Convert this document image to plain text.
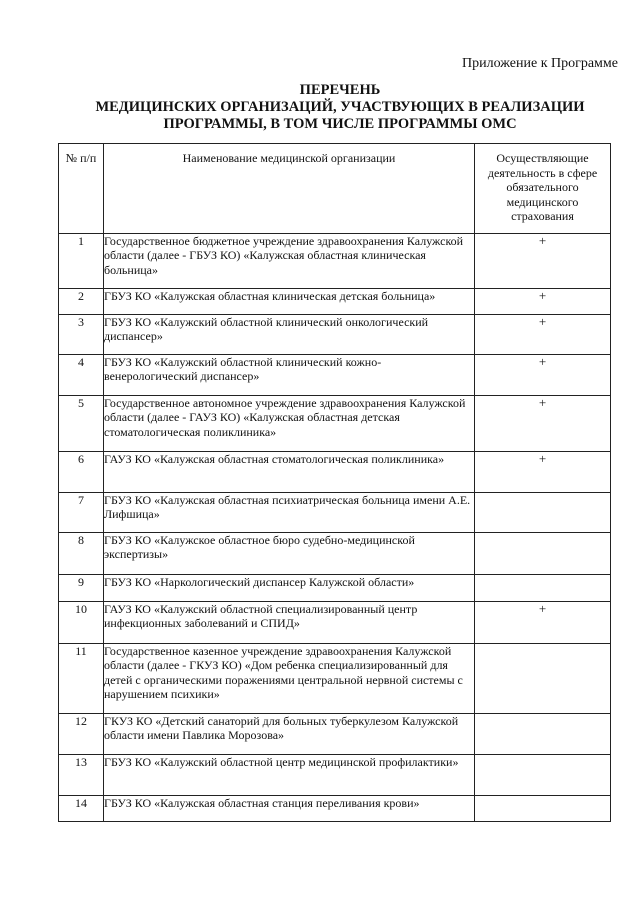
Приложение к Программе

ПЕРЕЧЕНЬ
МЕДИЦИНСКИХ ОРГАНИЗАЦИЙ, УЧАСТВУЮЩИХ В РЕАЛИЗАЦИИ
ПРОГРАММЫ, В ТОМ ЧИСЛЕ ПРОГРАММЫ ОМС
№ п/п	Наименование медицинской организации	Осуществляющие деятельность в сфере обязательного медицинского страхования
1	Государственное бюджетное учреждение здравоохранения Калужской области (далее - ГБУЗ КО) «Калужская областная клиническая больница»	+
2	ГБУЗ КО «Калужская областная клиническая детская больница»	+
3	ГБУЗ КО «Калужский областной клинический онкологический диспансер»	+
4	ГБУЗ КО «Калужский областной клинический кожно-венерологический диспансер»	+
5	Государственное автономное учреждение здравоохранения Калужской области (далее - ГАУЗ КО) «Калужская областная детская стоматологическая поликлиника»	+
6	ГАУЗ КО «Калужская областная стоматологическая поликлиника»	+
7	ГБУЗ КО «Калужская областная психиатрическая больница имени А.Е. Лифшица»	
8	ГБУЗ КО «Калужское областное бюро судебно-медицинской экспертизы»	
9	ГБУЗ КО «Наркологический диспансер Калужской области»	
10	ГАУЗ КО «Калужский областной специализированный центр инфекционных заболеваний и СПИД»	+
11	Государственное казенное учреждение здравоохранения Калужской области (далее - ГКУЗ КО) «Дом ребенка специализированный для детей с органическими поражениями центральной нервной системы с нарушением психики»	
12	ГКУЗ КО «Детский санаторий для больных туберкулезом Калужской области имени Павлика Морозова»	
13	ГБУЗ КО «Калужский областной центр медицинской профилактики»	
14	ГБУЗ КО «Калужская областная станция переливания крови»	
